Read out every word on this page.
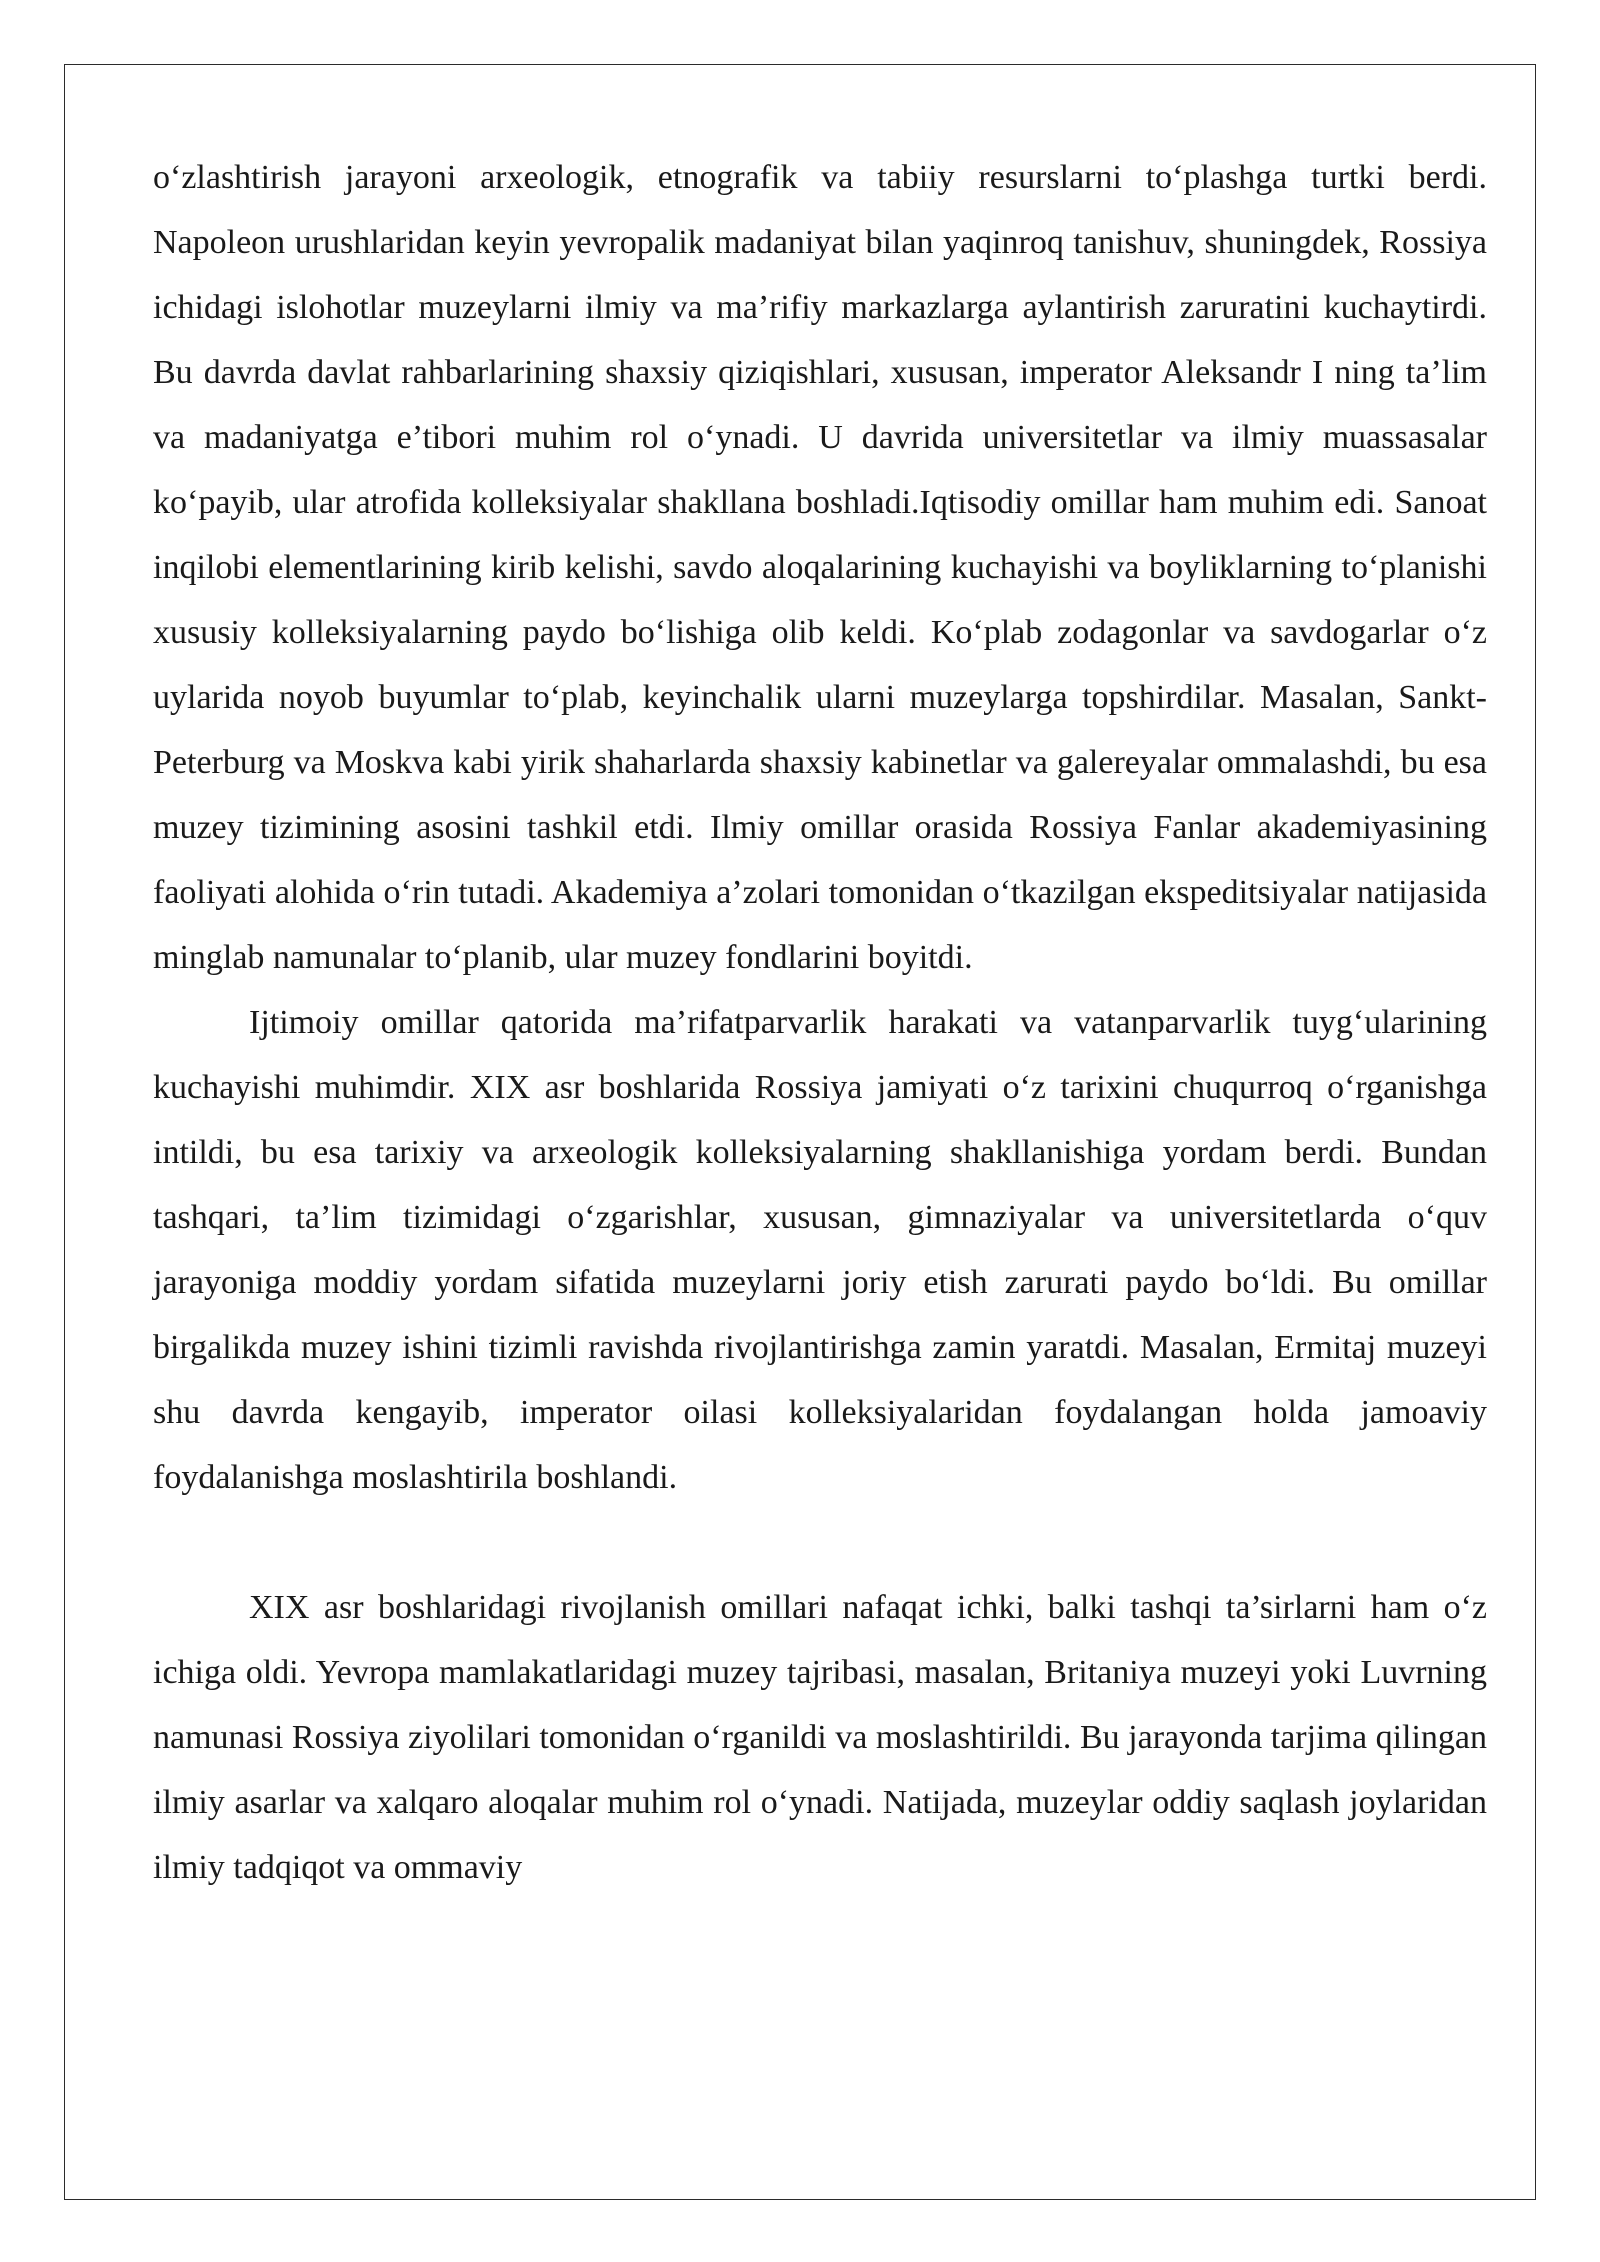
o‘zlashtirish jarayoni arxeologik, etnografik va tabiiy resurslarni to‘plashga turtki berdi. Napoleon urushlaridan keyin yevropalik madaniyat bilan yaqinroq tanishuv, shuningdek, Rossiya ichidagi islohotlar muzeylarni ilmiy va ma’rifiy markazlarga aylantirish zaruratini kuchaytirdi. Bu davrda davlat rahbarlarining shaxsiy qiziqishlari, xususan, imperator Aleksandr I ning ta’lim va madaniyatga e’tibori muhim rol o‘ynadi. U davrida universitetlar va ilmiy muassasalar ko‘payib, ular atrofida kolleksiyalar shakllana boshladi.Iqtisodiy omillar ham muhim edi. Sanoat inqilobi elementlarining kirib kelishi, savdo aloqalarining kuchayishi va boyliklarning to‘planishi xususiy kolleksiyalarning paydo bo‘lishiga olib keldi. Ko‘plab zodagonlar va savdogarlar o‘z uylarida noyob buyumlar to‘plab, keyinchalik ularni muzeylarga topshirdilar. Masalan, Sankt-Peterburg va Moskva kabi yirik shaharlarda shaxsiy kabinetlar va galereyalar ommalashdi, bu esa muzey tizimining asosini tashkil etdi. Ilmiy omillar orasida Rossiya Fanlar akademiyasining faoliyati alohida o‘rin tutadi. Akademiya a’zolari tomonidan o‘tkazilgan ekspeditsiyalar natijasida minglab namunalar to‘planib, ular muzey fondlarini boyitdi.

Ijtimoiy omillar qatorida ma’rifatparvarlik harakati va vatanparvarlik tuyg‘ularining kuchayishi muhimdir. XIX asr boshlarida Rossiya jamiyati o‘z tarixini chuqurroq o‘rganishga intildi, bu esa tarixiy va arxeologik kolleksiyalarning shakllanishiga yordam berdi. Bundan tashqari, ta’lim tizimidagi o‘zgarishlar, xususan, gimnaziyalar va universitetlarda o‘quv jarayoniga moddiy yordam sifatida muzeylarni joriy etish zarurati paydo bo‘ldi. Bu omillar birgalikda muzey ishini tizimli ravishda rivojlantirishga zamin yaratdi. Masalan, Ermitaj muzeyi shu davrda kengayib, imperator oilasi kolleksiyalaridan foydalangan holda jamoaviy foydalanishga moslashtirila boshlandi.

XIX asr boshlaridagi rivojlanish omillari nafaqat ichki, balki tashqi ta’sirlarni ham o‘z ichiga oldi. Yevropa mamlakatlaridagi muzey tajribasi, masalan, Britaniya muzeyi yoki Luvrning namunasi Rossiya ziyolilari tomonidan o‘rganildi va moslashtirildi. Bu jarayonda tarjima qilingan ilmiy asarlar va xalqaro aloqalar muhim rol o‘ynadi. Natijada, muzeylar oddiy saqlash joylaridan ilmiy tadqiqot va ommaviy
